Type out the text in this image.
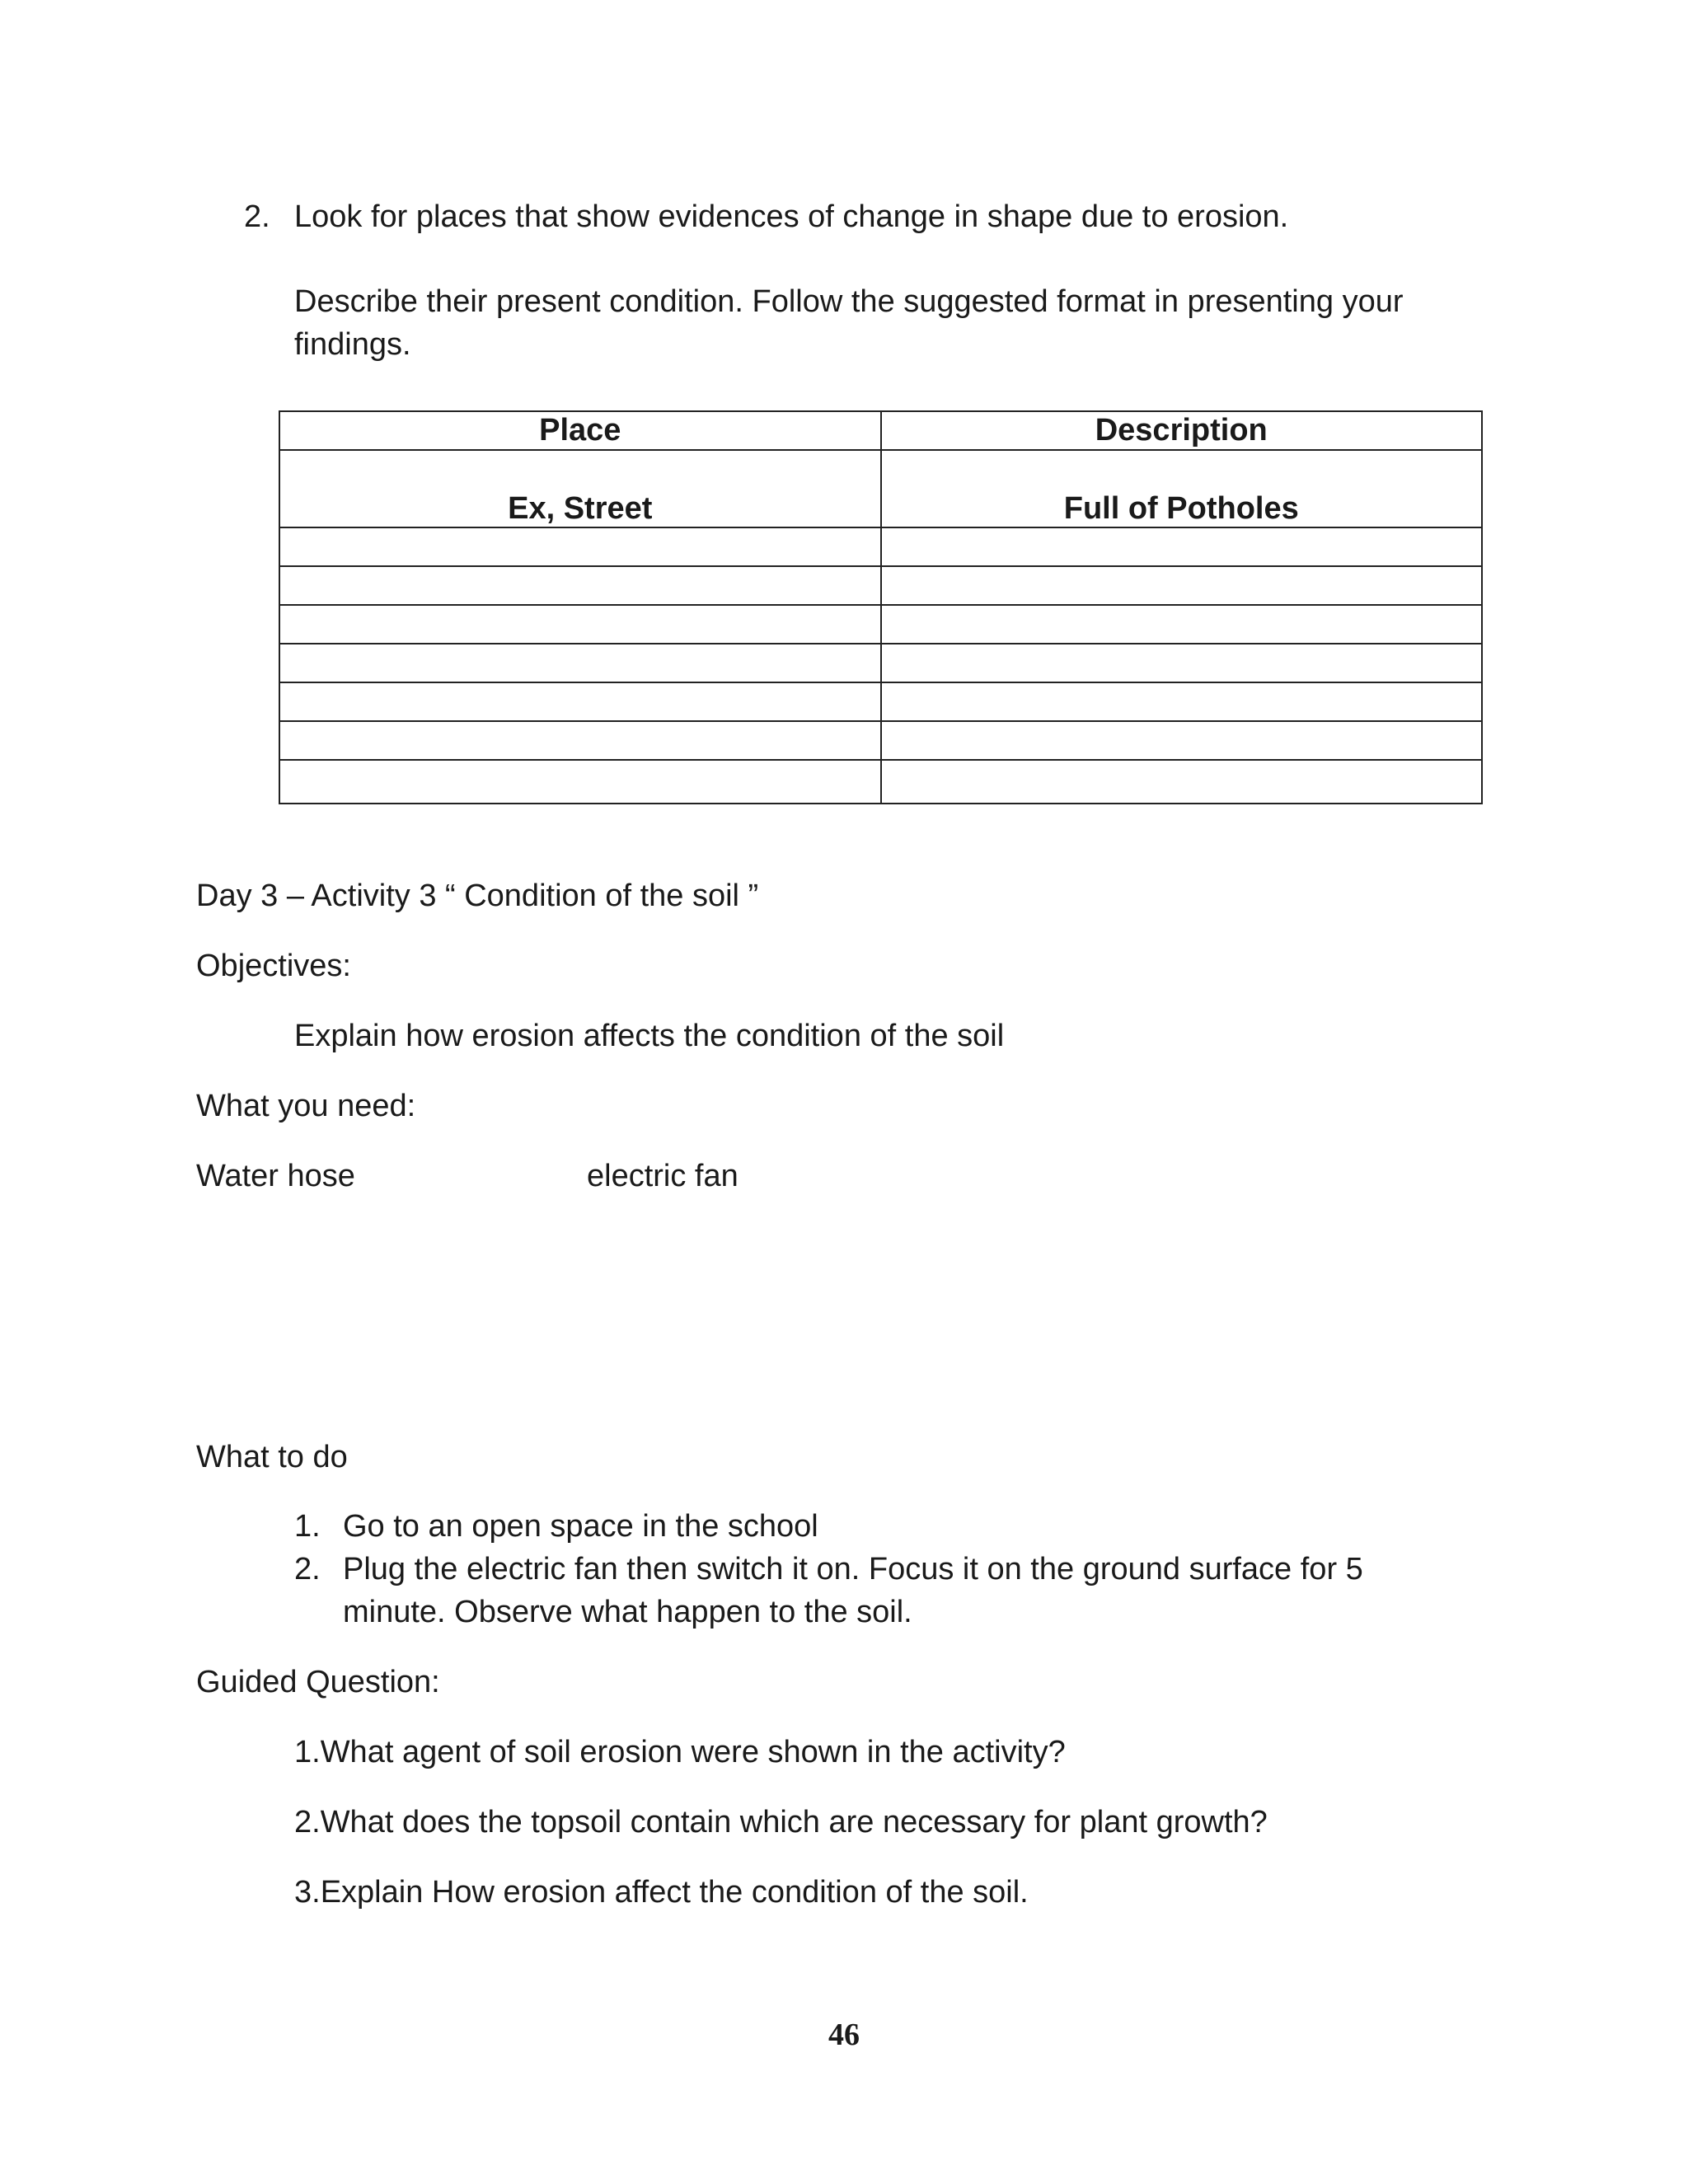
2. Look for places that show evidences of change in shape due to erosion.
Describe their present condition. Follow the suggested format in presenting your findings.
Place	Description
Ex, Street	Full of Potholes

Day 3 – Activity 3 “ Condition of the soil ”
Objectives:
Explain how erosion affects the condition of the soil
What you need:
Water hose	electric fan
What to do
1. Go to an open space in the school
2. Plug the electric fan then switch it on. Focus it on the ground surface for 5 minute. Observe what happen to the soil.
Guided Question:
1.What agent of soil erosion were shown in the activity?
2.What does the topsoil contain which are necessary for plant growth?
3.Explain How erosion affect the condition of the soil.
46
